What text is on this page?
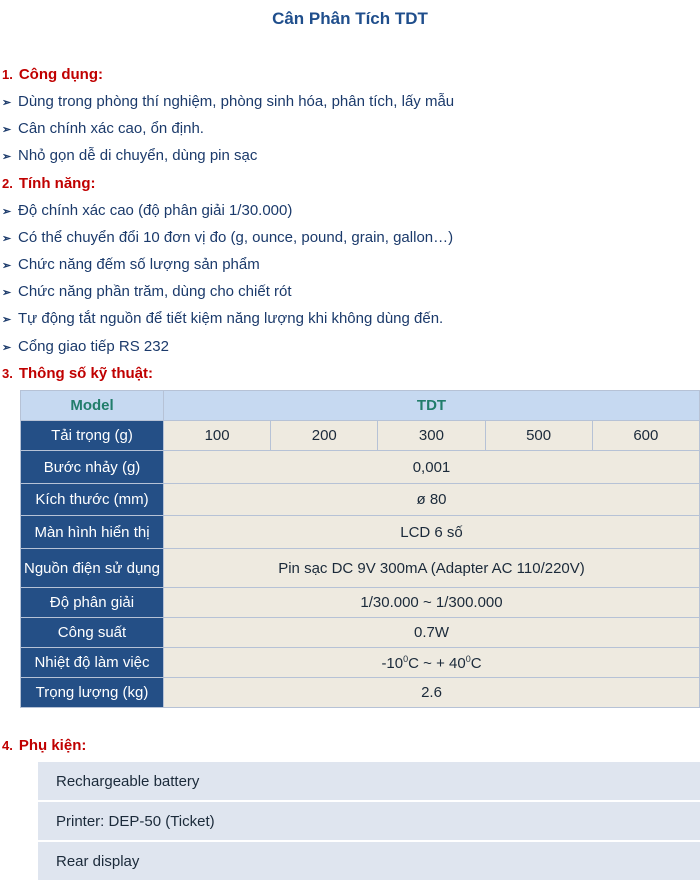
Cân Phân Tích TDT
1. Công dụng:
➢ Dùng trong phòng thí nghiệm, phòng sinh hóa, phân tích, lấy mẫu
➢ Cân chính xác cao, ổn định.
➢ Nhỏ gọn dễ di chuyển, dùng pin sạc
2. Tính năng:
➢ Độ chính xác cao (độ phân giải 1/30.000)
➢ Có thể chuyển đổi 10 đơn vị đo (g, ounce, pound, grain, gallon…)
➢ Chức năng đếm số lượng sản phẩm
➢ Chức năng phần trăm, dùng cho chiết rót
➢ Tự động tắt nguồn để tiết kiệm năng lượng khi không dùng đến.
➢ Cổng giao tiếp RS 232
3. Thông số kỹ thuật:
Model	TDT				
Tải trọng (g)	100	200	300	500	600
Bước nhảy (g)	0,001				
Kích thước (mm)	ø 80				
Màn hình hiển thị	LCD 6 số				
Nguồn điện sử dụng	Pin sạc DC 9V 300mA (Adapter AC 110/220V)				
Độ phân giải	1/30.000 ~ 1/300.000				
Công suất	0.7W				
Nhiệt độ làm việc	$-10^0C$ ~ + $40^0C$				
Trọng lượng (kg)	2.6				
4. Phụ kiện:
Rechargeable battery
Printer: DEP-50 (Ticket)
Rear display
